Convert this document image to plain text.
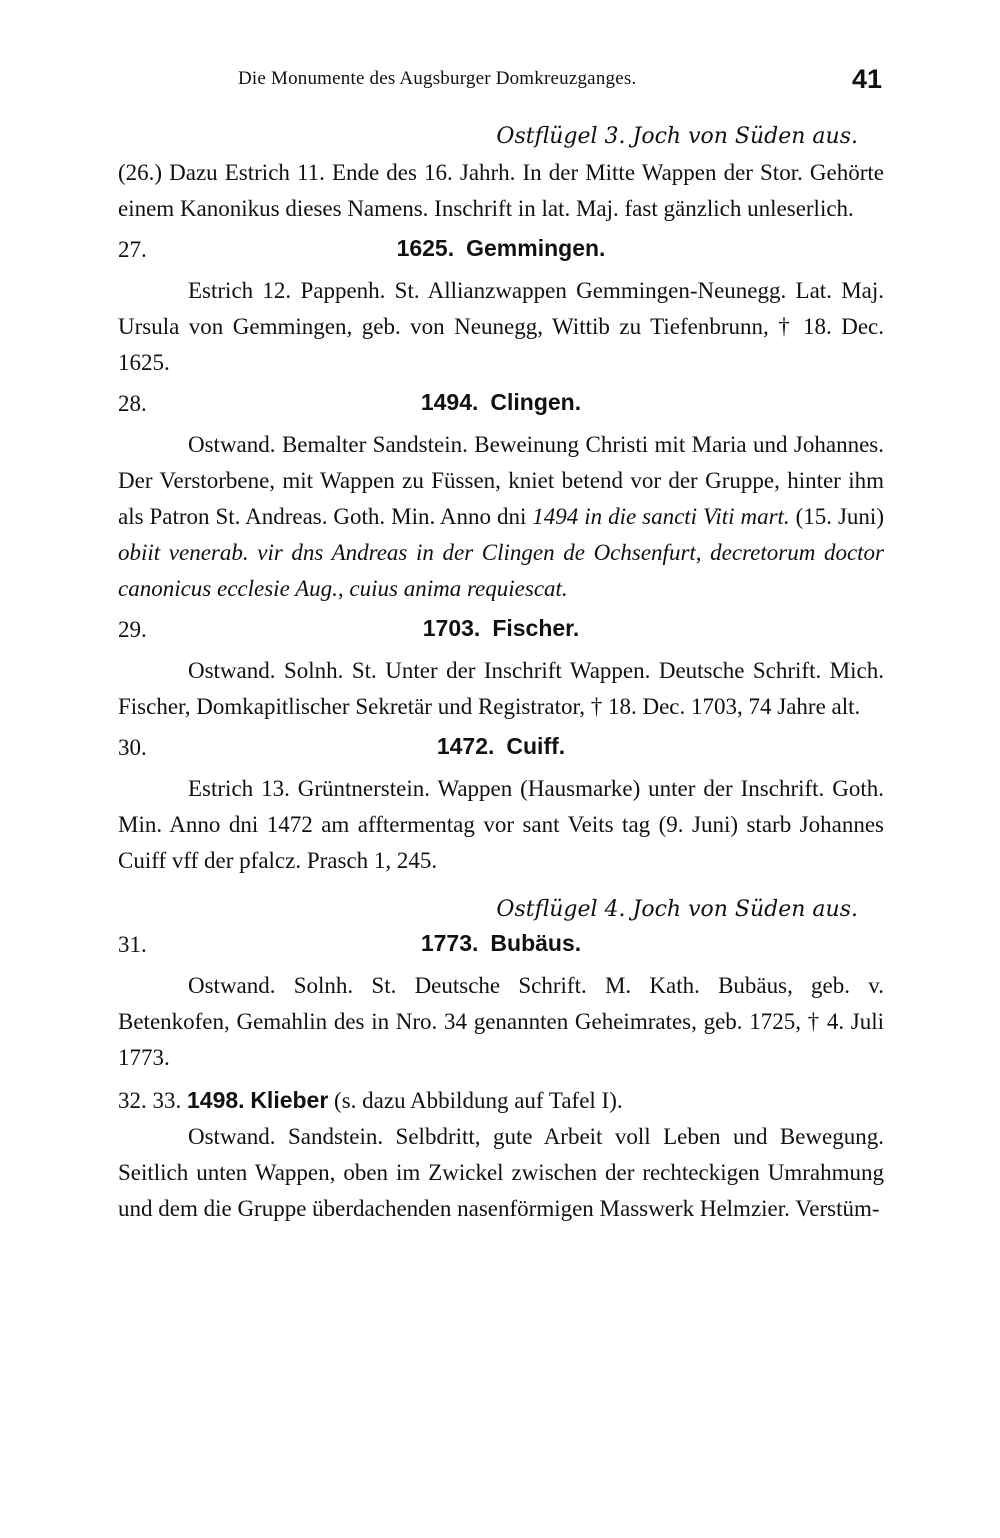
Die Monumente des Augsburger Domkreuzganges.	41
Ostflügel 3. Joch von Süden aus.

(26.) Dazu Estrich 11. Ende des 16. Jahrh. In der Mitte Wappen der Stor. Gehörte einem Kanonikus dieses Namens. Inschrift in lat. Maj. fast gänzlich unleserlich.

27.	1625. Gemmingen.

Estrich 12. Pappenh. St. Allianzwappen Gemmingen-Neunegg. Lat. Maj. Ursula von Gemmingen, geb. von Neunegg, Wittib zu Tiefenbrunn, † 18. Dec. 1625.

28.	1494. Clingen.

Ostwand. Bemalter Sandstein. Beweinung Christi mit Maria und Johannes. Der Verstorbene, mit Wappen zu Füssen, kniet betend vor der Gruppe, hinter ihm als Patron St. Andreas. Goth. Min. Anno dni 1494 in die sancti Viti mart. (15. Juni) obiit venerab. vir dns Andreas in der Clingen de Ochsenfurt, decretorum doctor canonicus ecclesie Aug., cuius anima requiescat.

29.	1703. Fischer.

Ostwand. Solnh. St. Unter der Inschrift Wappen. Deutsche Schrift. Mich. Fischer, Domkapitlischer Sekretär und Registrator, † 18. Dec. 1703, 74 Jahre alt.

30.	1472. Cuiff.

Estrich 13. Grüntnerstein. Wappen (Hausmarke) unter der Inschrift. Goth. Min. Anno dni 1472 am afftermentag vor sant Veits tag (9. Juni) starb Johannes Cuiff vff der pfalcz. Prasch 1, 245.

Ostflügel 4. Joch von Süden aus.
31.	1773. Bubäus.

Ostwand. Solnh. St. Deutsche Schrift. M. Kath. Bubäus, geb. v. Betenkofen, Gemahlin des in Nro. 34 genannten Geheimrates, geb. 1725, † 4. Juli 1773.

32. 33. 1498. Klieber (s. dazu Abbildung auf Tafel I).

Ostwand. Sandstein. Selbdritt, gute Arbeit voll Leben und Bewegung. Seitlich unten Wappen, oben im Zwickel zwischen der rechteckigen Umrahmung und dem die Gruppe überdachenden nasenförmigen Masswerk Helmzier. Verstüm-
